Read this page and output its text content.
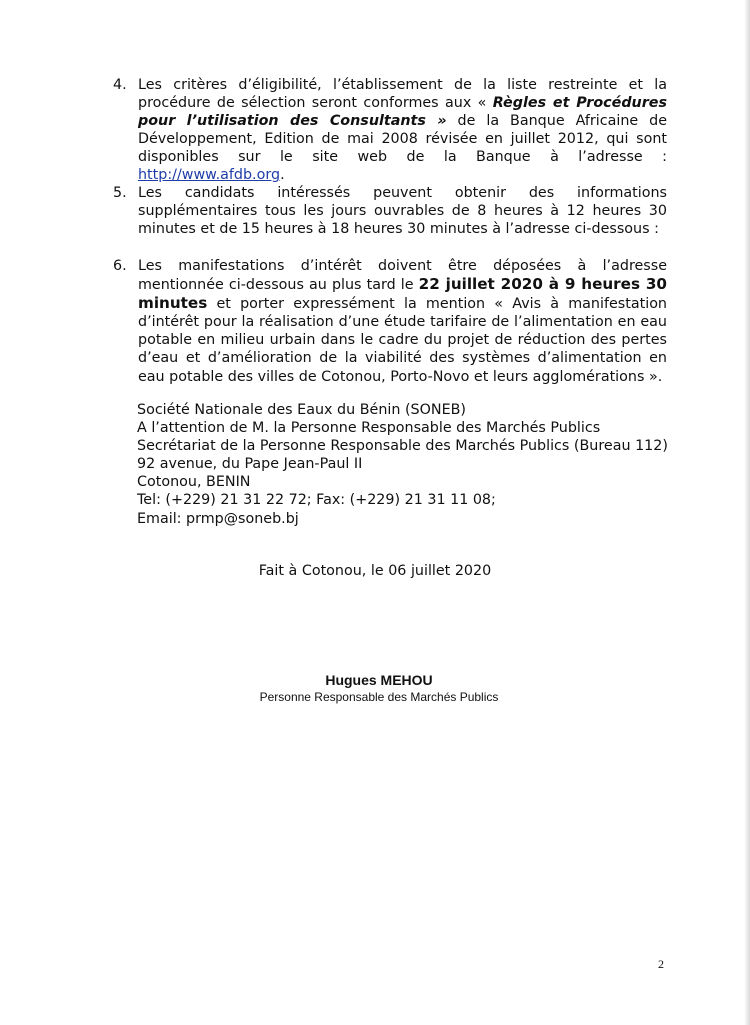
4. Les critères d’éligibilité, l’établissement de la liste restreinte et la procédure de sélection seront conformes aux « Règles et Procédures pour l’utilisation des Consultants » de la Banque Africaine de Développement, Edition de mai 2008 révisée en juillet 2012, qui sont disponibles sur le site web de la Banque à l’adresse : http://www.afdb.org.
5. Les candidats intéressés peuvent obtenir des informations supplémentaires tous les jours ouvrables de 8 heures à 12 heures 30 minutes et de 15 heures à 18 heures 30 minutes à l’adresse ci-dessous :
6. Les manifestations d’intérêt doivent être déposées à l’adresse mentionnée ci-dessous au plus tard le 22 juillet 2020 à 9 heures 30 minutes et porter expressément la mention « Avis à manifestation d’intérêt pour la réalisation d’une étude tarifaire de l’alimentation en eau potable en milieu urbain dans le cadre du projet de réduction des pertes d’eau et d’amélioration de la viabilité des systèmes d’alimentation en eau potable des villes de Cotonou, Porto-Novo et leurs agglomérations ».
Société Nationale des Eaux du Bénin (SONEB)
A l’attention de M. la Personne Responsable des Marchés Publics
Secrétariat de la Personne Responsable des Marchés Publics (Bureau 112)
92 avenue, du Pape Jean-Paul II
Cotonou, BENIN
Tel: (+229) 21 31 22 72; Fax: (+229) 21 31 11 08;
Email: prmp@soneb.bj
Fait à Cotonou, le 06 juillet 2020
Hugues MEHOU
Personne Responsable des Marchés Publics
2
